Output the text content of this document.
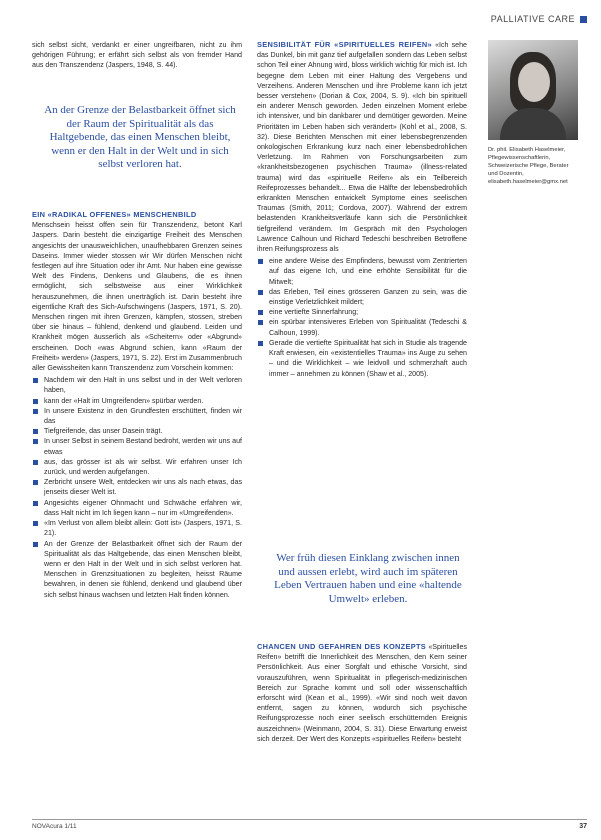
PALLIATIVE CARE

sich selbst sicht, verdankt er einer ungreifbaren, nicht zu ihm gehörigen Führung; er erfährt sich selbst als von fremder Hand aus den Transzendenz (Jaspers, 1948, S. 44).

An der Grenze der Belastbarkeit öffnet sich der Raum der Spiritualität als das Haltgebende, das einen Menschen bleibt, wenn er den Halt in der Welt und in sich selbst verloren hat.
EIN «RADIKAL OFFENES» MENSCHENBILD

Menschsein heisst offen sein für Transzendenz, betont Karl Jaspers. Darin besteht die einzigartige Freiheit des Menschen angesichts der unausweichlichen, unaufhebbaren Grenzen seines Daseins. Immer wieder stossen wir Wir dürfen Menschen nicht festlegen auf ihre Situation oder ihr Amt. Nur haben eine gewisse Welt des Findens, Denkens und Glaubens, die es ihnen ermöglicht, sich selbstweise aus einer Wirklichkeit herauszunehmen, die ihnen unerträglich ist. Darin besteht ihre eigentliche Kraft des Sich-Aufschwingens (Jaspers, 1971, S. 20). Menschen ringen mit ihren Grenzen, kämpfen, stossen, streben über sie hinaus – fühlend, denkend und glaubend. Leiden und Krankheit mögen äusserlich als «Scheitern» oder «Abgrund» erscheinen. Doch «was Abgrund schien, kann «Raum der Freiheit» werden» (Jaspers, 1971, S. 22). Erst im Zusammenbruch aller Gewissheiten kann Transzendenz zum Vorschein kommen:

Nachdem wir den Halt in uns selbst und in der Welt verloren haben,
kann der «Halt im Umgreifenden» spürbar werden.
In unsere Existenz in den Grundfesten erschüttert, finden wir das
Tiefgreifende, das unser Dasein trägt.
In unser Selbst in seinem Bestand bedroht, werden wir uns auf etwas
aus, das grösser ist als wir selbst. Wir erfahren unser Ich zurück, und werden aufgefangen.
Zerbricht unsere Welt, entdecken wir uns als nach etwas, das jenseits dieser Welt ist.
Angesichts eigener Ohnmacht und Schwäche erfahren wir, dass Halt nicht im Ich liegen kann – nur im «Umgreifenden».
«Im Verlust von allem bleibt allein: Gott ist» (Jaspers, 1971, S. 21).
An der Grenze der Belastbarkeit öffnet sich der Raum der Spiritualität als das Haltgebende, das einen Menschen bleibt, wenn er den Halt in der Welt und in sich selbst verloren hat. Menschen in Grenzsituationen zu begleiten, heisst Räume bewahren, in denen sie fühlend, denkend und glaubend über sich selbst hinaus wachsen und letzten Halt finden können.

SENSIBILITÄT FÜR «SPIRITUELLES REIFEN» «Ich sehe das Dunkel, bin mit ganz tief aufgefallen sondern das Leben selbst schon Teil einer Ahnung wird, bloss wirklich wichtig für mich ist. Ich begegne dem Leben mit einer Haltung des Vergebens und Verzeihens. Anderen Menschen und ihre Probleme kann ich jetzt besser verstehen» (Dorian & Cox, 2004, S. 9). «Ich bin spirituell ein anderer Mensch geworden. Jeden einzelnen Moment erlebe ich intensiver, und bin dankbarer und demütiger geworden. Meine Prioritäten im Leben haben sich verändert» (Kohl et al., 2008, S. 32). Diese Berichten Menschen mit einer lebensbegrenzenden onkologischen Erkrankung kurz nach einer lebensbedrohlichen Verletzung. Im Rahmen von Forschungsarbeiten zum «krankheitsbezogenen psychischen Trauma» (illness-related trauma) wird das «spirituelle Reifen» als ein Teilbereich Reifeprozesses behandelt... Etwa die Hälfte der lebensbedrohlich erkrankten Menschen entwickelt Symptome eines seelischen Traumas (Smith, 2011; Cordova, 2007). Während der extrem belastenden Krankheitsverläufe kann sich die Persönlichkeit tiefgreifend verändern. Im Gespräch mit den Psychologen Lawrence Calhoun und Richard Tedeschi beschreiben Betroffene ihren Reifungsprozess als

eine andere Weise des Empfindens, bewusst vom Zentrierten auf das eigene Ich, und eine erhöhte Sensibilität für die Mitwelt;
das Erleben, Teil eines grösseren Ganzen zu sein, was die einstige Verletzlichkeit mildert;
eine vertiefte Sinnerfahrung;
ein spürbar intensiveres Erleben von Spiritualität (Tedeschi & Calhoun, 1999).
Gerade die vertiefte Spiritualität hat sich in Studie als tragende Kraft erwiesen, ein «existentielles Trauma» ins Auge zu sehen – und die Wirklichkeit – wie leidvoll und schmerzhaft auch immer – annehmen zu können (Shaw et al., 2005).
Wer früh diesen Einklang zwischen innen und aussen erlebt, wird auch im späteren Leben Vertrauen haben und eine «haltende Umwelt» erleben.

CHANCEN UND GEFAHREN DES KONZEPTS «Spirituelles Reifen» betrifft die Innerlichkeit des Menschen, den Kern seiner Persönlichkeit. Aus einer Sorgfalt und ethische Vorsicht, sind vorauszuführen, wenn Spiritualität in pflegerisch-medizinischen Bereich zur Sprache kommt und soll oder wissenschaftlich erforscht wird (Kean et al., 1999). «Wir sind noch weit davon entfernt, sagen zu können, wodurch sich psychische Reifungsprozesse noch einer seelisch erschütternden Ereignis auszeichnen» (Weinmann, 2004, S. 31). Diese Erwartung erweist sich derzeit. Der Wert des Konzepts «spirituelles Reifen» besteht

Dr. phil. Elisabeth Haselmeier, Pflegewissenschaftlerin, Schweizerische Pflege, Berater und Dozentin, elisabeth.haselmeier@gmx.net
NOVAcura 1/11	37
